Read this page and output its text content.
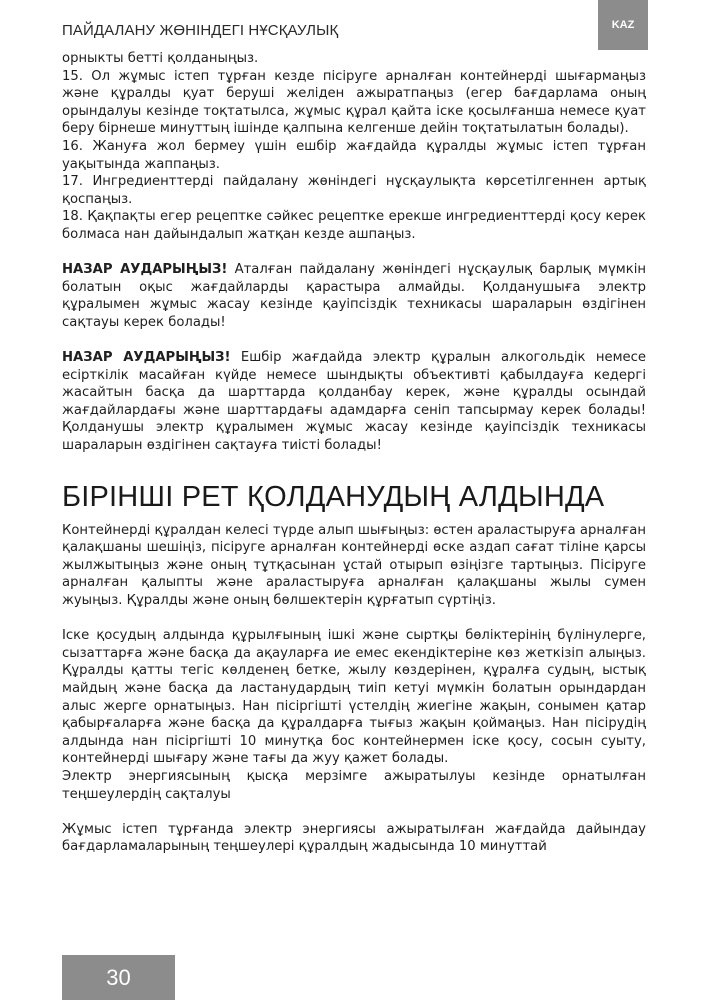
ПАЙДАЛАНУ ЖӨНІНДЕГІ НҰСҚАУЛЫҚ	KAZ

орныкты бетті қолданыңыз.

15. Ол жұмыс істеп тұрған кезде пісіруге арналған контейнерді шығармаңыз және құралды қуат беруші желіден ажыратпаңыз (егер бағдарлама оның орындалуы кезінде тоқтатылса, жұмыс құрал қайта іске қосылғанша немесе қуат беру бірнеше минуттың ішінде қалпына келгенше дейін тоқтатылатын болады).

16. Жануға жол бермеу үшін ешбір жағдайда құралды жұмыс істеп тұрған уақытында жаппаңыз.

17. Ингредиенттерді пайдалану жөніндегі нұсқаулықта көрсетілгеннен артық қоспаңыз.

18. Қақпақты егер рецептке сәйкес рецептке ерекше ингредиенттерді қосу керек болмаса нан дайындалып жатқан кезде ашпаңыз.

НАЗАР АУДАРЫҢЫЗ! Аталған пайдалану жөніндегі нұсқаулық барлық мүмкін болатын оқыс жағдайларды қарастыра алмайды. Қолданушыға электр құралымен жұмыс жасау кезінде қауіпсіздік техникасы шараларын өздігінен сақтауы керек болады!

НАЗАР АУДАРЫҢЫЗ! Ешбір жағдайда электр құралын алкогольдік немесе есірткілік масайған күйде немесе шындықты объективті қабылдауға кедергі жасайтын басқа да шарттарда қолданбау керек, және құралды осындай жағдайлардағы және шарттардағы адамдарға сеніп тапсырмау керек болады! Қолданушы электр құралымен жұмыс жасау кезінде қауіпсіздік техникасы шараларын өздігінен сақтауға тиісті болады!

БІРІНШІ РЕТ ҚОЛДАНУДЫҢ АЛДЫНДА

Контейнерді құралдан келесі түрде алып шығыңыз: өстен араластыруға арналған қалақшаны шешіңіз, пісіруге арналған контейнерді өске аздап сағат тіліне қарсы жылжытыңыз және оның тұтқасынан ұстай отырып өзіңізге тартыңыз. Пісіруге арналған қалыпты және араластыруға арналған қалақшаны жылы сумен жуыңыз. Құралды және оның бөлшектерін құрғатып сүртіңіз.

Іске қосудың алдында құрылғының ішкі және сыртқы бөліктерінің бүлінулерге, сызаттарға және басқа да ақауларға ие емес екендіктеріне көз жеткізіп алыңыз. Құралды қатты тегіс көлденең бетке, жылу көздерінен, құралға судың, ыстық майдың және басқа да ластанудардың тиіп кетуі мүмкін болатын орындардан алыс жерге орнатыңыз. Нан пісіргішті үстелдің жиегіне жақын, сонымен қатар қабырғаларға және басқа да құралдарға тығыз жақын қоймаңыз. Нан пісірудің алдында нан пісіргішті 10 минутқа бос контейнермен іске қосу, сосын суыту, контейнерді шығару және тағы да жуу қажет болады.

Электр энергиясының қысқа мерзімге ажыратылуы кезінде орнатылған теңшеулердің сақталуы

Жұмыс істеп тұрғанда электр энергиясы ажыратылған жағдайда дайындау бағдарламаларының теңшеулері құралдың жадысында 10 минуттай

30
